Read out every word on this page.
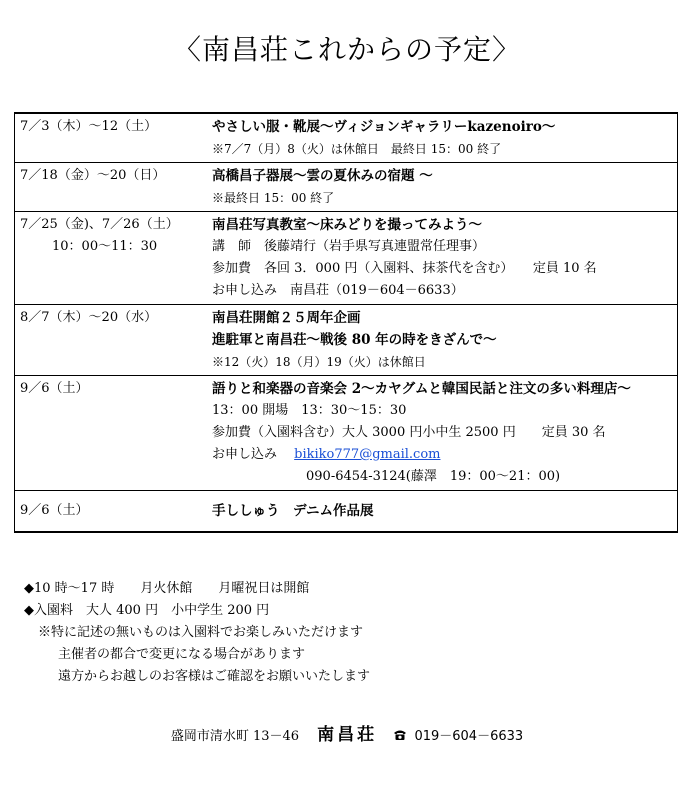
〈南昌荘これからの予定〉
7／3（木）～12（土）	やさしい服・靴展～ヴィジョンギャラリーkazenoiro～
※7／7（月）8（火）は休館日　最終日 15：00 終了

7／18（金）～20（日）	高橋昌子器展～雲の夏休みの宿題 ～
※最終日 15：00 終了

7／25（金)、7／26（土）
10：00～11：30	南昌荘写真教室～床みどりを撮ってみよう～
講　師　後藤靖行（岩手県写真連盟常任理事）
参加費　各回 3．000 円（入園料、抹茶代を含む）　　定員 10 名
お申し込み　南昌荘（019－604－6633）

8／7（木）～20（水）	南昌荘開館２５周年企画
進駐軍と南昌荘～戦後 80 年の時をきざんで～
※12（火）18（月）19（火）は休館日

9／6（土）	語りと和楽器の音楽会 2～カヤグムと韓国民話と注文の多い料理店～
13：00 開場　13：30～15：30
参加費（入園料含む）大人 3000 円小中生 2500 円　　定員 30 名
お申し込み　 bikiko777@gmail.com
090-6454-3124(藤澤　19：00～21：00)

9／6（土）	手ししゅう　デニム作品展
◆10 時～17 時　　月火休館　　月曜祝日は開館
◆入園料　大人 400 円　小中学生 200 円
※特に記述の無いものは入園料でお楽しみいただけます
主催者の都合で変更になる場合があります
遠方からお越しのお客様はご確認をお願いいたします
盛岡市清水町 13－46 南昌荘	019－604－6633
